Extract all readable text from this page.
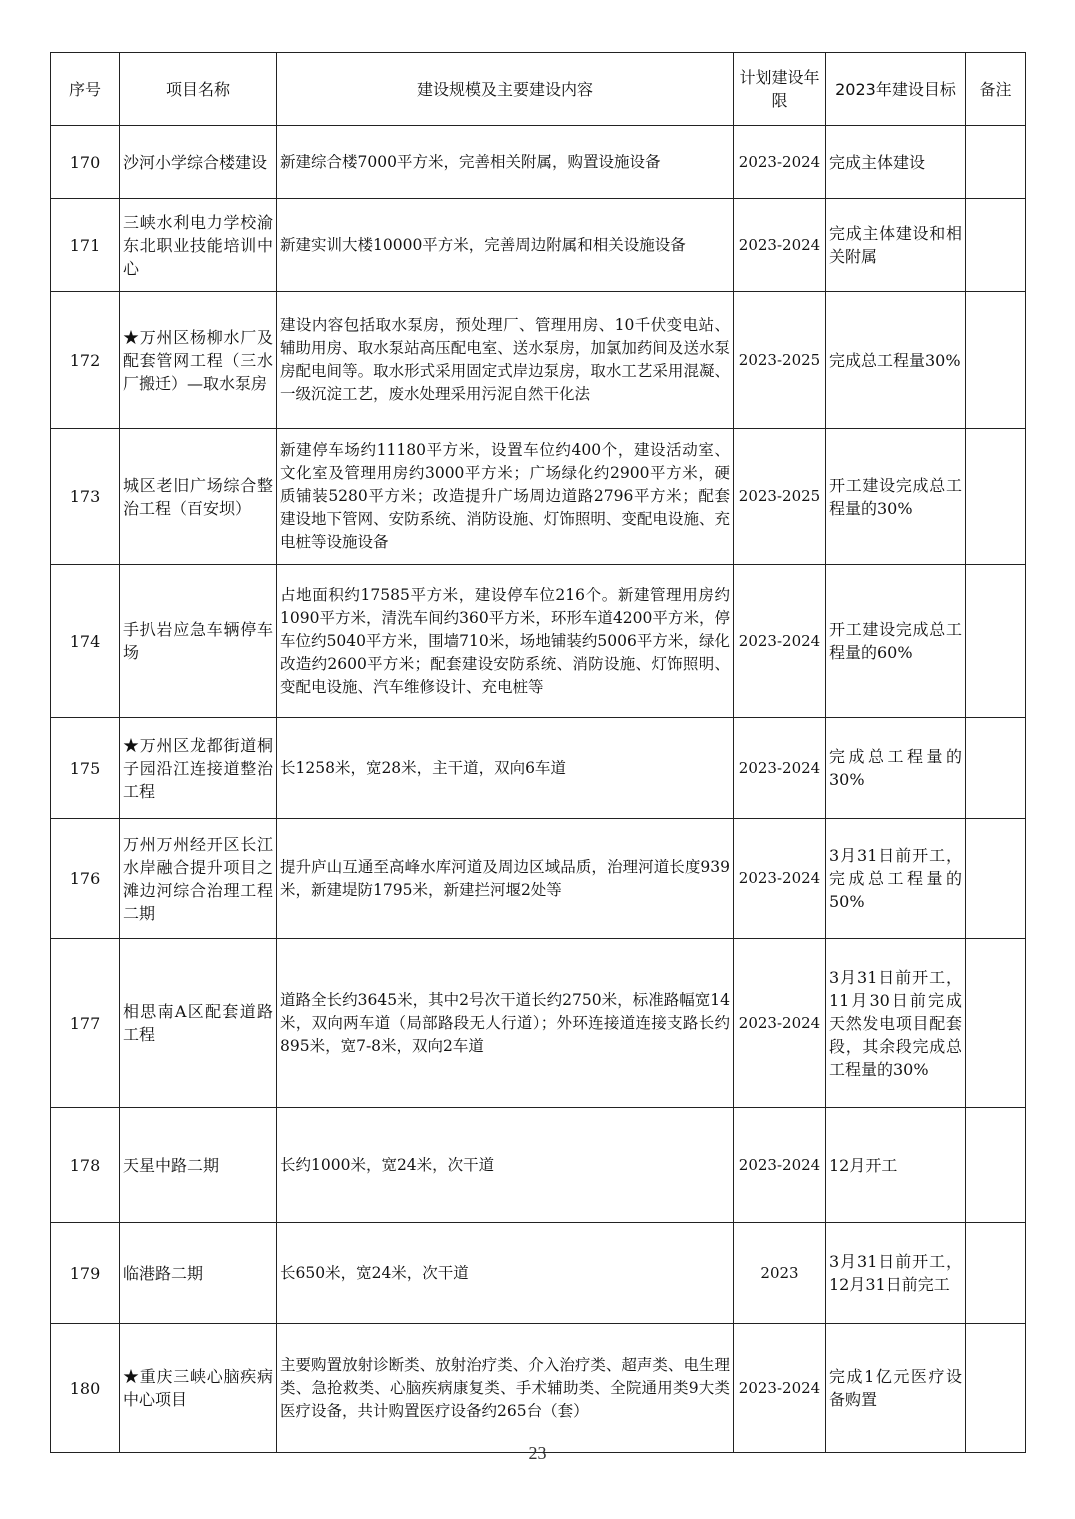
序号	项目名称	建设规模及主要建设内容	计划建设年限	2023年建设目标	备注
170	沙河小学综合楼建设	新建综合楼7000平方米，完善相关附属，购置设施设备	2023-2024	完成主体建设	
171	三峡水利电力学校渝东北职业技能培训中心	新建实训大楼10000平方米，完善周边附属和相关设施设备	2023-2024	完成主体建设和相关附属	
172	★万州区杨柳水厂及配套管网工程（三水厂搬迁）—取水泵房	建设内容包括取水泵房，预处理厂、管理用房、10千伏变电站、辅助用房、取水泵站高压配电室、送水泵房，加氯加药间及送水泵房配电间等。取水形式采用固定式岸边泵房，取水工艺采用混凝、一级沉淀工艺，废水处理采用污泥自然干化法	2023-2025	完成总工程量30%	
173	城区老旧广场综合整治工程（百安坝）	新建停车场约11180平方米，设置车位约400个，建设活动室、文化室及管理用房约3000平方米；广场绿化约2900平方米，硬质铺装5280平方米；改造提升广场周边道路2796平方米；配套建设地下管网、安防系统、消防设施、灯饰照明、变配电设施、充电桩等设施设备	2023-2025	开工建设完成总工程量的30%	
174	手扒岩应急车辆停车场	占地面积约17585平方米，建设停车位216个。新建管理用房约1090平方米，清洗车间约360平方米，环形车道4200平方米，停车位约5040平方米，围墙710米，场地铺装约5006平方米，绿化改造约2600平方米；配套建设安防系统、消防设施、灯饰照明、变配电设施、汽车维修设计、充电桩等	2023-2024	开工建设完成总工程量的60%	
175	★万州区龙都街道桐子园沿江连接道整治工程	长1258米，宽28米，主干道，双向6车道	2023-2024	完成总工程量的30%	
176	万州万州经开区长江水岸融合提升项目之滩边河综合治理工程二期	提升庐山互通至高峰水库河道及周边区域品质，治理河道长度939米，新建堤防1795米，新建拦河堰2处等	2023-2024	3月31日前开工，完成总工程量的50%	
177	相思南A区配套道路工程	道路全长约3645米，其中2号次干道长约2750米，标准路幅宽14米，双向两车道（局部路段无人行道）；外环连接道连接支路长约895米，宽7-8米，双向2车道	2023-2024	3月31日前开工，11月30日前完成天然发电项目配套段，其余段完成总工程量的30%	
178	天星中路二期	长约1000米，宽24米，次干道	2023-2024	12月开工	
179	临港路二期	长650米，宽24米，次干道	2023	3月31日前开工，12月31日前完工	
180	★重庆三峡心脑疾病中心项目	主要购置放射诊断类、放射治疗类、介入治疗类、超声类、电生理类、急抢救类、心脑疾病康复类、手术辅助类、全院通用类9大类医疗设备，共计购置医疗设备约265台（套）	2023-2024	完成1亿元医疗设备购置	
23
